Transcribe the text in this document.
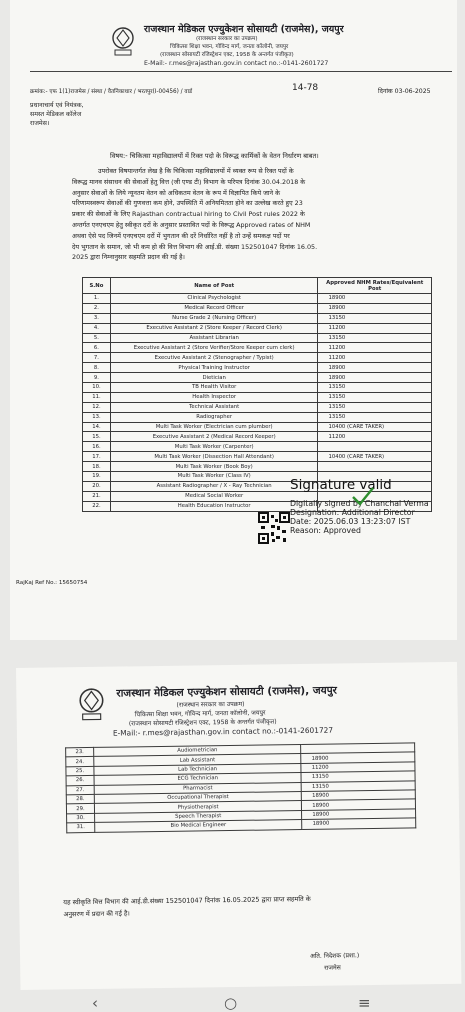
राजस्थान मेडिकल एज्युकेशन सोसायटी (राजमेस), जयपुर
(राजस्थान सरकार का उपक्रम)
चिकित्सा शिक्षा भवन, गोविन्द मार्ग, जनता कॉलोनी, जयपुर
(राजस्थान सोसायटी रजिस्ट्रेशन एक्ट, 1958 के अन्तर्गत पंजीकृत)
E-Mail:- r.mes@rajasthan.gov.in contact no.:-0141-2601727
क्रमांक:- एफ 1(1)राजमेस / संस्था / वैतनिकाधार / भरतपुर(I-00456) / वार्ड	14-78	दिनांक 03-06-2025
प्रधानाचार्य एवं नियंत्रक,
समस्त मेडिकल कॉलेज
राजमेस।
विषय:- चिकित्सा महाविद्यालयों में रिक्त पदो के विरूद्ध कार्मिकों के वेतन निर्धारण बाबत।
उपरोक्त विषयान्तर्गत लेख है कि चिकित्सा महाविद्यालयों में व्यक्त रूप से रिक्त पदों के
विरूद्ध मानव संसाधन की सेवाओं हेतु वित्त (जी एण्ड टी) विभाग के परिपत्र दिनांक 30.04.2018 के
अनुसार सेवाओं के लिये न्यूनतम वेतन को अधिकतम वेतन के रूप में विज्ञापित किये जाने के
परिणामस्वरूप सेवाओं की गुणवत्ता कम होने, उपस्थिति में अनियमितता होने का उल्लेख करते हुए 23
प्रकार की सेवाओं के लिए Rajasthan contractual hiring to Civil Post rules 2022 के
अन्तर्गत एनएचएम हेतु स्वीकृत दरों के अनुसार प्रस्तावित पदों के विरूद्ध Approved rates of NHM
अथवा ऐसे पद जिनमें एनएचएम दरों में भुगतान की दरें निर्धारित नहीं है तो उन्हें समकक्ष पदों पर
देय भुगतान के समान, जो भी कम हो की वित्त विभाग की आई.डी. संख्या 152501047 दिनांक 16.05.
2025 द्वारा निम्नानुसार सहमति प्रदान की गई है।
S.No	Name of Post	Approved NHM Rates/Equivalent Post
1.	Clinical Psychologist	18900
2.	Medical Record Officer	18900
3.	Nurse Grade 2 (Nursing Officer)	13150
4.	Executive Assistant 2 (Store Keeper / Record Clerk)	11200
5.	Assistant Librarian	13150
6.	Executive Assistant 2 (Store Verifier/Store Keeper cum clerk)	11200
7.	Executive Assistant 2 (Stenographer / Typist)	11200
8.	Physical Training Instructor	18900
9.	Dietician	18900
10.	TB Health Visitor	13150
11.	Health Inspector	13150
12.	Technical Assistant	13150
13.	Radiographer	13150
14.	Multi Task Worker (Electrician cum plumber)	10400 (CARE TAKER)
15.	Executive Assistant 2 (Medical Record Keeper)	11200
16.	Multi Task Worker (Carpenter)	
17.	Multi Task Worker (Dissection Hall Attendant)	10400 (CARE TAKER)
18.	Multi Task Worker (Book Boy)	
19.	Multi Task Worker (Class IV)	
20.	Assistant Radiographer / X - Ray Technician	
21.	Medical Social Worker	
22.	Health Education Instructor	
RajKaj Ref No.: 15650754
Signature valid
Digitally signed by Chanchal Verma
Designation: Additional Director
Date: 2025.06.03 13:23:07 IST
Reason: Approved
राजस्थान मेडिकल एज्युकेशन सोसायटी (राजमेस), जयपुर
(राजस्थान सरकार का उपक्रम)
चिकित्सा शिक्षा भवन, गोविन्द मार्ग, जनता कॉलोनी, जयपुर
(राजस्थान सोसायटी रजिस्ट्रेशन एक्ट, 1958 के अन्तर्गत पंजीकृत)
E-Mail:- r.mes@rajasthan.gov.in contact no.:-0141-2601727
23.	Audiometrician	
24.	Lab Assistant	18900
25.	Lab Technician	11200
26.	ECG Technician	13150
27.	Pharmacist	13150
28.	Occupational Therapist	18900
29.	Physiotherapist	18900
30.	Speech Therapist	18900
31.	Bio Medical Engineer	18900
यह स्वीकृति वित्त विभाग की आई.डी.संख्या 152501047 दिनांक 16.05.2025 द्वारा प्राप्त सहमति के
अनुसरण में प्रदान की गई है।
अति. निदेशक (प्रशा.)
राजमेस
‹	○	≡
